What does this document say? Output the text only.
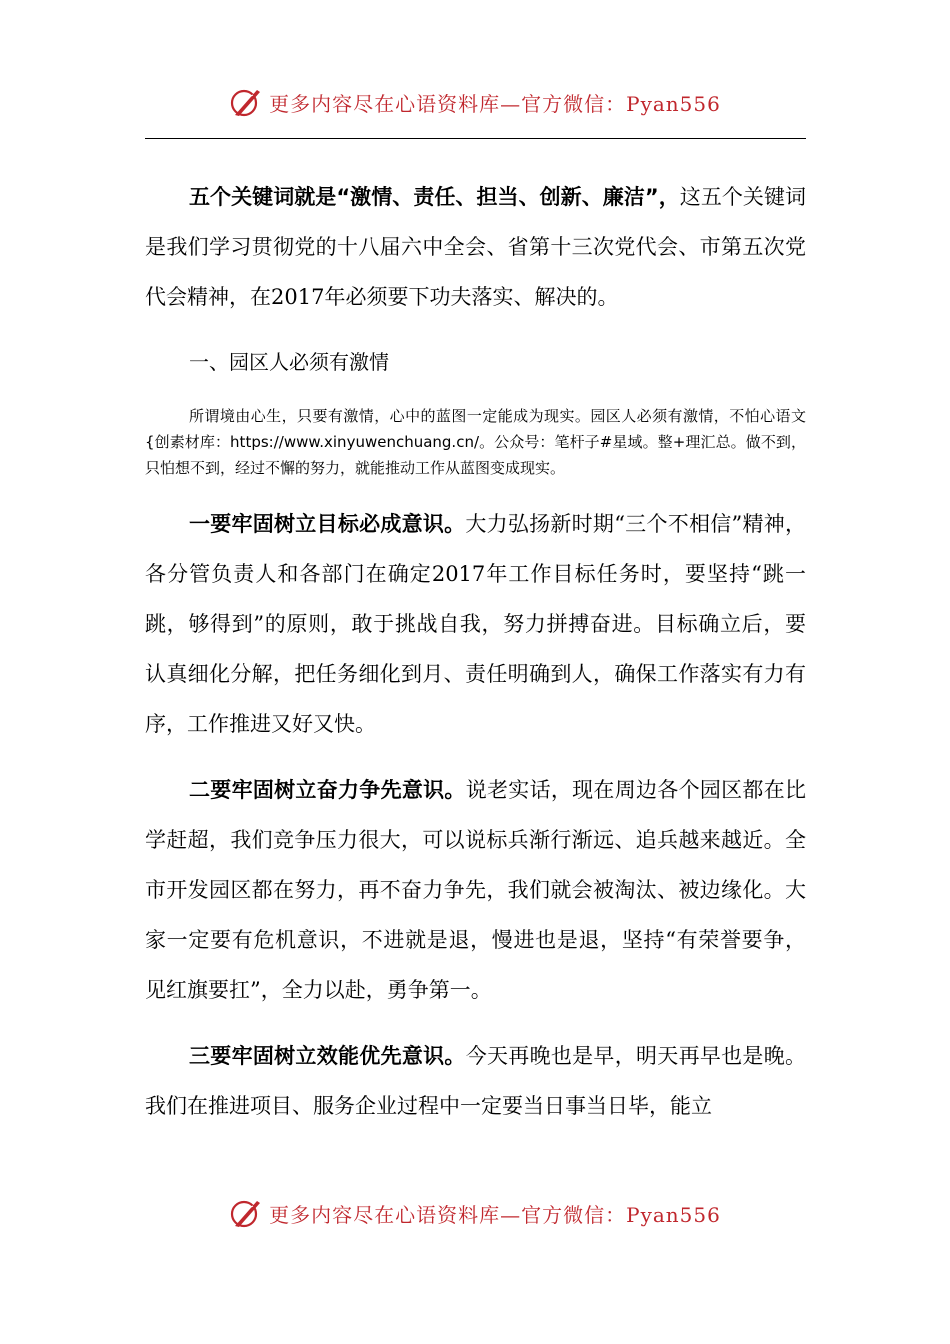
更多内容尽在心语资料库—官方微信：Pyan556

五个关键词就是“激情、责任、担当、创新、廉洁”，这五个关键词是我们学习贯彻党的十八届六中全会、省第十三次党代会、市第五次党代会精神，在2017年必须要下功夫落实、解决的。

一、园区人必须有激情

所谓境由心生，只要有激情，心中的蓝图一定能成为现实。园区人必须有激情，不怕心语文{创素材库：https://www.xinyuwenchuang.cn/。公众号：笔杆子#星域。整+理汇总。做不到，只怕想不到，经过不懈的努力，就能推动工作从蓝图变成现实。

一要牢固树立目标必成意识。大力弘扬新时期“三个不相信”精神，各分管负责人和各部门在确定2017年工作目标任务时，要坚持“跳一跳，够得到”的原则，敢于挑战自我，努力拼搏奋进。目标确立后，要认真细化分解，把任务细化到月、责任明确到人，确保工作落实有力有序，工作推进又好又快。

二要牢固树立奋力争先意识。说老实话，现在周边各个园区都在比学赶超，我们竞争压力很大，可以说标兵渐行渐远、追兵越来越近。全市开发园区都在努力，再不奋力争先，我们就会被淘汰、被边缘化。大家一定要有危机意识，不进就是退，慢进也是退，坚持“有荣誉要争，见红旗要扛”，全力以赴，勇争第一。

三要牢固树立效能优先意识。今天再晚也是早，明天再早也是晚。我们在推进项目、服务企业过程中一定要当日事当日毕，能立

更多内容尽在心语资料库—官方微信：Pyan556
